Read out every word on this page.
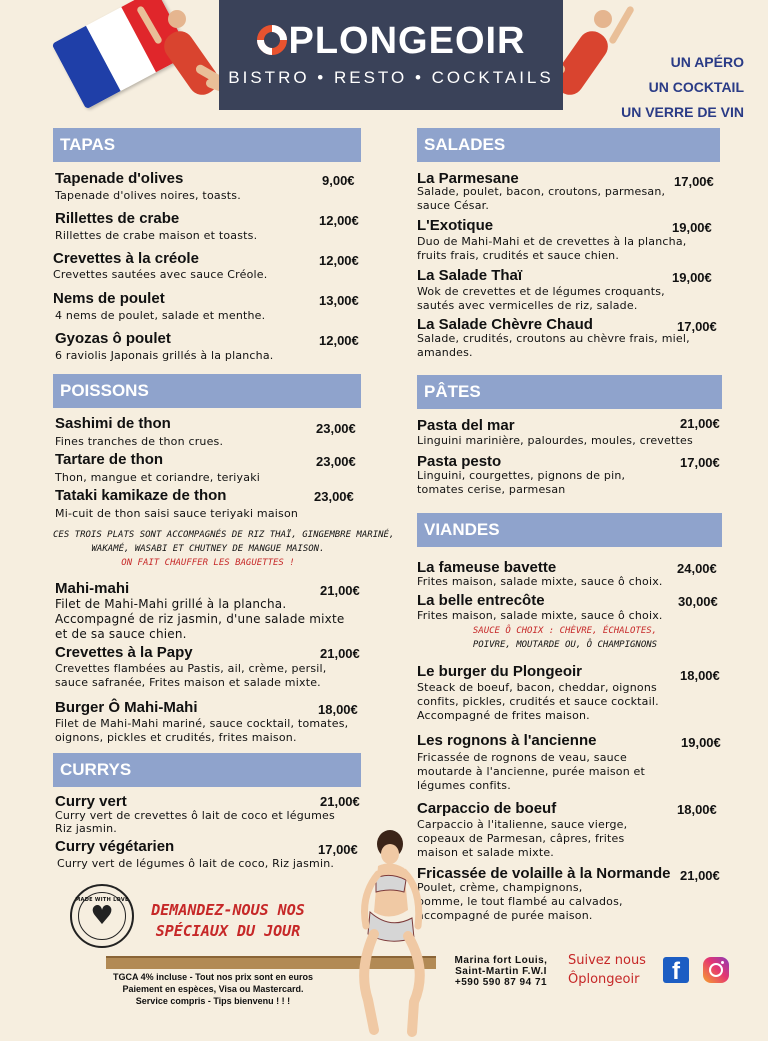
PLONGEOIR
BISTRO • RESTO • COCKTAILS
UN APÉRO
UN COCKTAIL
UN VERRE DE VIN
TAPAS
Tapenade d'olives	9,00€
Tapenade d'olives noires, toasts.
Rillettes de crabe	12,00€
Rillettes de crabe maison et toasts.
Crevettes à la créole	12,00€
Crevettes sautées avec sauce Créole.
Nems de poulet	13,00€
4 nems de poulet, salade et menthe.
Gyozas ô poulet	12,00€
6 raviolis Japonais grillés à la plancha.
POISSONS
Sashimi de thon	23,00€
Fines tranches de thon crues.
Tartare de thon	23,00€
Thon, mangue et coriandre, teriyaki
Tataki kamikaze de thon	23,00€
Mi-cuit de thon saisi sauce teriyaki maison
CES TROIS PLATS SONT ACCOMPAGNÉS DE RIZ THAÏ, GINGEMBRE MARINÉ,
WAKAMÉ, WASABI ET CHUTNEY DE MANGUE MAISON.
ON FAIT CHAUFFER LES BAGUETTES !
Mahi-mahi	21,00€
Filet de Mahi-Mahi grillé à la plancha.
Accompagné de riz jasmin, d'une salade mixte
et de sa sauce chien.
Crevettes à la Papy	21,00€
Crevettes flambées au Pastis, ail, crème, persil,
sauce safranée, Frites maison et salade mixte.
Burger Ô Mahi-Mahi	18,00€
Filet de Mahi-Mahi mariné, sauce cocktail, tomates,
oignons, pickles et crudités, frites maison.
CURRYS
Curry vert	21,00€
Curry vert de crevettes ô lait de coco et légumes
Riz jasmin.
Curry végétarien	17,00€
Curry vert de légumes ô lait de coco, Riz jasmin.
SALADES
La Parmesane	17,00€
Salade, poulet, bacon, croutons, parmesan,
sauce César.
L'Exotique	19,00€
Duo de Mahi-Mahi et de crevettes à la plancha,
fruits frais, crudités et sauce chien.
La Salade Thaï	19,00€
Wok de crevettes et de légumes croquants,
sautés avec vermicelles de riz, salade.
La Salade Chèvre Chaud	17,00€
Salade, crudités, croutons au chèvre frais, miel,
amandes.
PÂTES
Pasta del mar	21,00€
Linguini marinière, palourdes, moules, crevettes
Pasta pesto	17,00€
Linguini, courgettes, pignons de pin,
tomates cerise, parmesan
VIANDES
La fameuse bavette	24,00€
Frites maison, salade mixte, sauce ô choix.
La belle entrecôte	30,00€
Frites maison, salade mixte, sauce ô choix.
SAUCE Ô CHOIX : CHÈVRE, ÉCHALOTES,
POIVRE, MOUTARDE OU, Ô CHAMPIGNONS
Le burger du Plongeoir	18,00€
Steack de boeuf, bacon, cheddar, oignons
confits, pickles, crudités et sauce cocktail.
Accompagné de frites maison.
Les rognons à l'ancienne	19,00€
Fricassée de rognons de veau, sauce
moutarde à l'ancienne, purée maison et
légumes confits.
Carpaccio de boeuf	18,00€
Carpaccio à l'italienne, sauce vierge,
copeaux de Parmesan, câpres, frites
maison et salade mixte.
Fricassée de volaille à la Normande 21,00€
Poulet, crème, champignons,
pomme, le tout flambé au calvados,
accompagné de purée maison.
♥
MADE WITH LOVE
DEMANDEZ-NOUS NOS
SPÉCIAUX DU JOUR
TGCA 4% incluse - Tout nos prix sont en euros
Paiement en espèces, Visa ou Mastercard.
Service compris - Tips bienvenu ! ! !
Marina fort Louis,
Saint-Martin F.W.I
+590 590 87 94 71
Suivez nous
Ôplongeoir	f
